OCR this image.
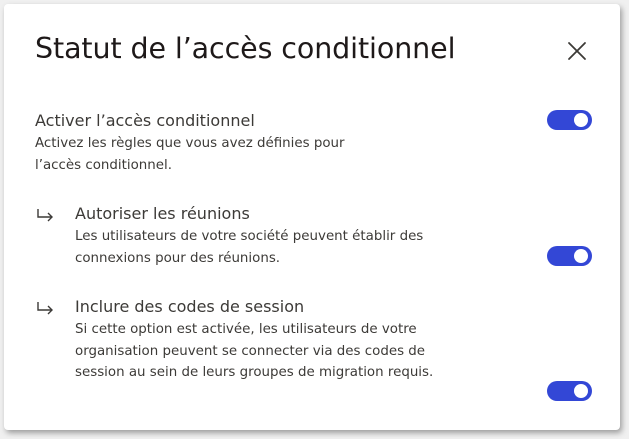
Statut de l’accès conditionnel
Activer l’accès conditionnel
Activez les règles que vous avez définies pour l’accès conditionnel.
Autoriser les réunions
Les utilisateurs de votre société peuvent établir des connexions pour des réunions.
Inclure des codes de session
Si cette option est activée, les utilisateurs de votre organisation peuvent se connecter via des codes de session au sein de leurs groupes de migration requis.
